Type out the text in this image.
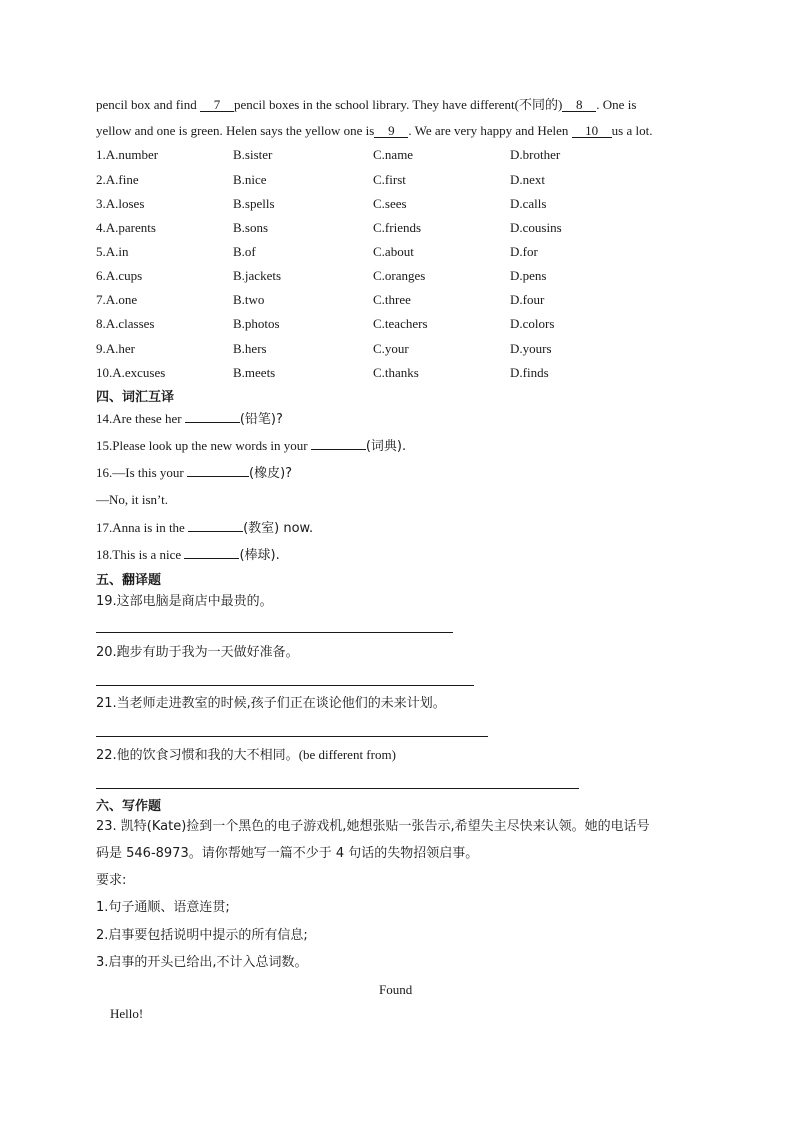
pencil box and find 7 pencil boxes in the school library. They have different(不同的) 8 . One is
yellow and one is green. Helen says the yellow one is 9 . We are very happy and Helen 10 us a lot.
1.A.number	B.sister	C.name	D.brother
2.A.fine	B.nice	C.first	D.next
3.A.loses	B.spells	C.sees	D.calls
4.A.parents	B.sons	C.friends	D.cousins
5.A.in	B.of	C.about	D.for
6.A.cups	B.jackets	C.oranges	D.pens
7.A.one	B.two	C.three	D.four
8.A.classes	B.photos	C.teachers	D.colors
9.A.her	B.hers	C.your	D.yours
10.A.excuses	B.meets	C.thanks	D.finds
四、词汇互译
14.Are these her	(铅笔)?
15.Please look up the new words in your	(词典).
16.—Is this your	(橡皮)?
—No, it isn’t.
17.Anna is in the	(教室) now.
18.This is a nice	(棒球).
五、翻译题
19.这部电脑是商店中最贵的。
20.跑步有助于我为一天做好准备。
21.当老师走进教室的时候,孩子们正在谈论他们的未来计划。
22.他的饮食习惯和我的大不相同。(be different from)
六、写作题
23. 凯特(Kate)捡到一个黑色的电子游戏机,她想张贴一张告示,希望失主尽快来认领。她的电话号
码是 546-8973。请你帮她写一篇不少于 4 句话的失物招领启事。
要求:
1.句子通顺、语意连贯;
2.启事要包括说明中提示的所有信息;
3.启事的开头已给出,不计入总词数。
Found
Hello!
